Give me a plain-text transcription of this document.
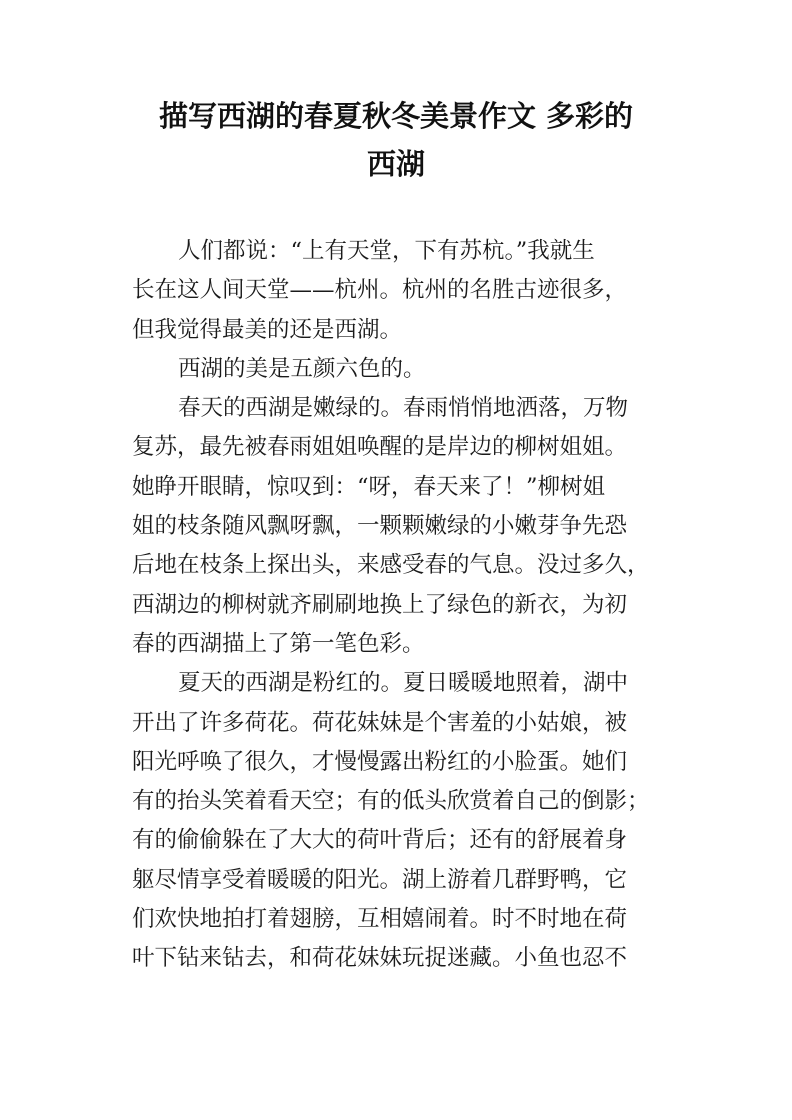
描写西湖的春夏秋冬美景作文 多彩的
西湖
人们都说：“上有天堂，下有苏杭。”我就生
长在这人间天堂——杭州。杭州的名胜古迹很多，
但我觉得最美的还是西湖。
西湖的美是五颜六色的。
春天的西湖是嫩绿的。春雨悄悄地洒落，万物
复苏，最先被春雨姐姐唤醒的是岸边的柳树姐姐。
她睁开眼睛，惊叹到：“呀，春天来了！”柳树姐
姐的枝条随风飘呀飘，一颗颗嫩绿的小嫩芽争先恐
后地在枝条上探出头，来感受春的气息。没过多久，
西湖边的柳树就齐刷刷地换上了绿色的新衣，为初
春的西湖描上了第一笔色彩。
夏天的西湖是粉红的。夏日暖暖地照着，湖中
开出了许多荷花。荷花妹妹是个害羞的小姑娘，被
阳光呼唤了很久，才慢慢露出粉红的小脸蛋。她们
有的抬头笑着看天空；有的低头欣赏着自己的倒影；
有的偷偷躲在了大大的荷叶背后；还有的舒展着身
躯尽情享受着暖暖的阳光。湖上游着几群野鸭，它
们欢快地拍打着翅膀，互相嬉闹着。时不时地在荷
叶下钻来钻去，和荷花妹妹玩捉迷藏。小鱼也忍不
